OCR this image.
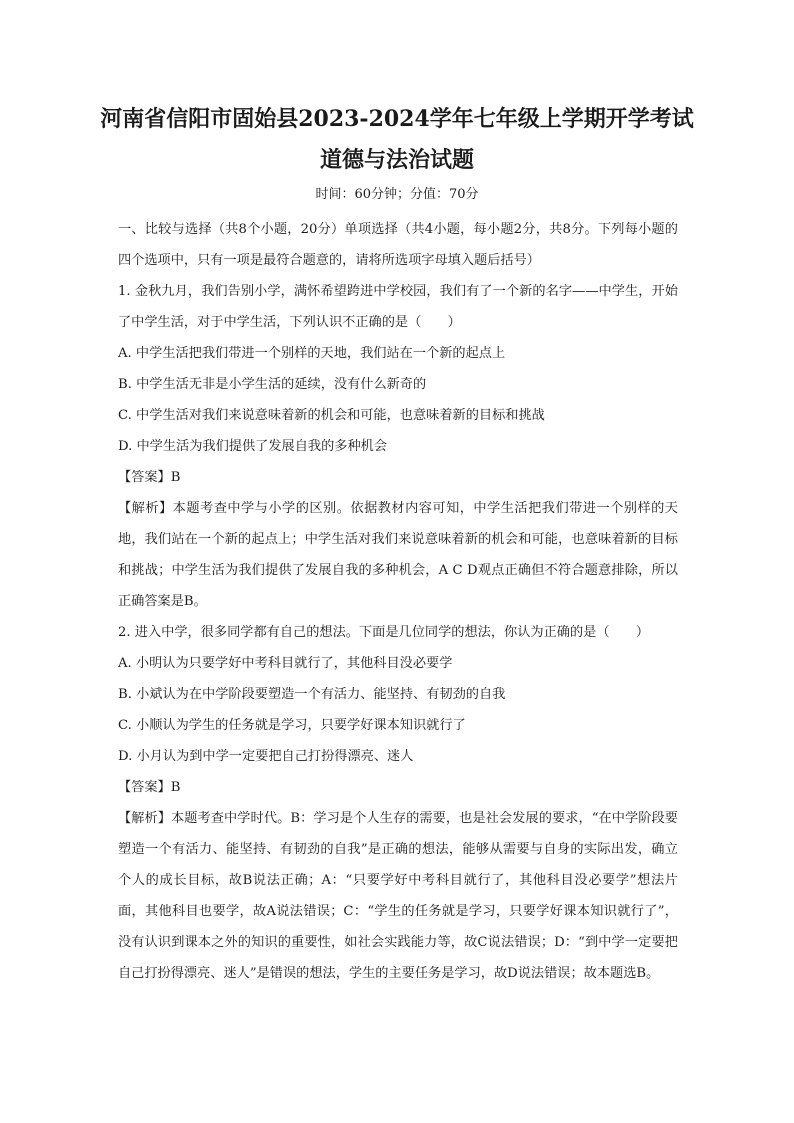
河南省信阳市固始县2023-2024学年七年级上学期开学考试
道德与法治试题
时间：60分钟；分值：70分

一、比较与选择（共8个小题，20分）单项选择（共4小题，每小题2分，共8分。下列每小题的四个选项中，只有一项是最符合题意的，请将所选项字母填入题后括号）

1. 金秋九月，我们告别小学，满怀希望跨进中学校园，我们有了一个新的名字——中学生，开始了中学生活，对于中学生活，下列认识不正确的是（　　）

A. 中学生活把我们带进一个别样的天地，我们站在一个新的起点上

B. 中学生活无非是小学生活的延续，没有什么新奇的

C. 中学生活对我们来说意味着新的机会和可能，也意味着新的目标和挑战

D. 中学生活为我们提供了发展自我的多种机会

【答案】B

【解析】本题考查中学与小学的区别。依据教材内容可知，中学生活把我们带进一个别样的天地，我们站在一个新的起点上；中学生活对我们来说意味着新的机会和可能，也意味着新的目标和挑战；中学生活为我们提供了发展自我的多种机会，A C D观点正确但不符合题意排除，所以正确答案是B。

2. 进入中学，很多同学都有自己的想法。下面是几位同学的想法，你认为正确的是（　　）

A. 小明认为只要学好中考科目就行了，其他科目没必要学

B. 小斌认为在中学阶段要塑造一个有活力、能坚持、有韧劲的自我

C. 小顺认为学生的任务就是学习，只要学好课本知识就行了

D. 小月认为到中学一定要把自己打扮得漂亮、迷人

【答案】B

【解析】本题考查中学时代。B：学习是个人生存的需要，也是社会发展的要求，“在中学阶段要塑造一个有活力、能坚持、有韧劲的自我”是正确的想法，能够从需要与自身的实际出发，确立个人的成长目标，故B说法正确；A：“只要学好中考科目就行了，其他科目没必要学”想法片面，其他科目也要学，故A说法错误；C：“学生的任务就是学习，只要学好课本知识就行了”，没有认识到课本之外的知识的重要性，如社会实践能力等，故C说法错误；D：“到中学一定要把自己打扮得漂亮、迷人”是错误的想法，学生的主要任务是学习，故D说法错误；故本题选B。
